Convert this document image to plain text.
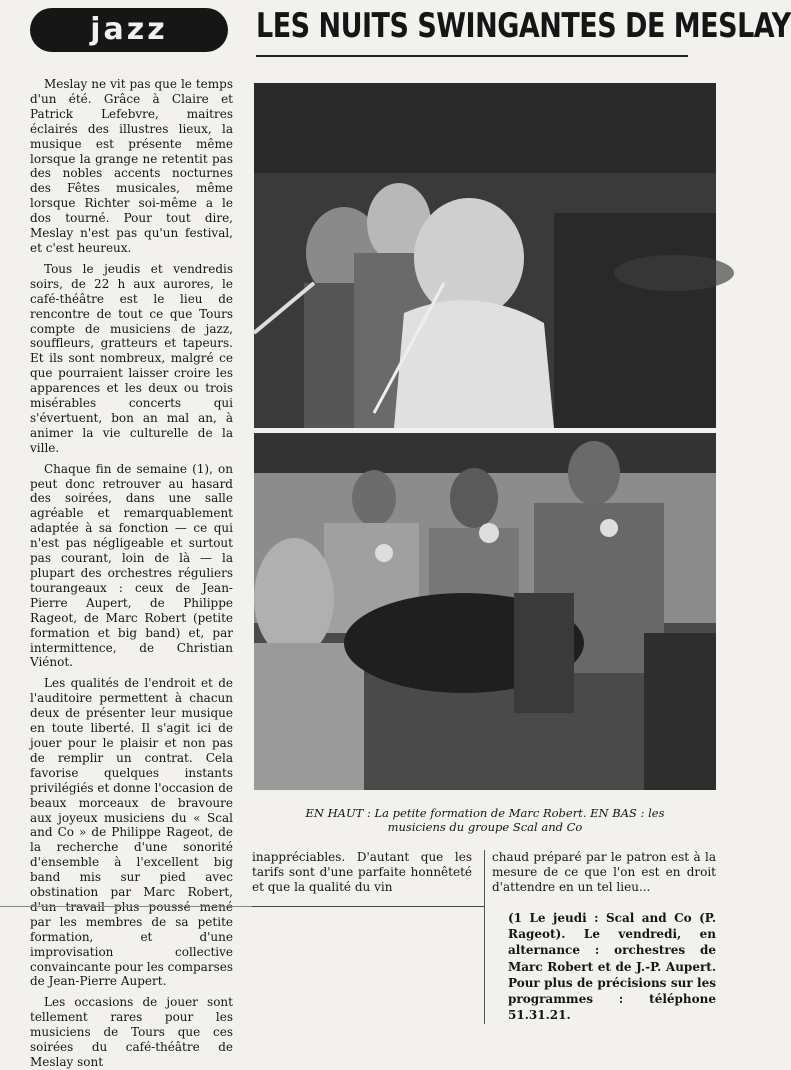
jazz	LES NUITS SWINGANTES DE MESLAY

Meslay ne vit pas que le temps d'un été. Grâce à Claire et Patrick Lefebvre, maitres éclairés des illustres lieux, la musique est présente même lorsque la grange ne retentit pas des nobles accents nocturnes des Fêtes musicales, même lorsque Richter soi-même a le dos tourné. Pour tout dire, Meslay n'est pas qu'un festival, et c'est heureux.

Tous le jeudis et vendredis soirs, de 22 h aux aurores, le café-théâtre est le lieu de rencontre de tout ce que Tours compte de musiciens de jazz, souffleurs, gratteurs et tapeurs. Et ils sont nombreux, malgré ce que pourraient laisser croire les apparences et les deux ou trois misérables concerts qui s'évertuent, bon an mal an, à animer la vie culturelle de la ville.

Chaque fin de semaine (1), on peut donc retrouver au hasard des soirées, dans une salle agréable et remarquablement adaptée à sa fonction — ce qui n'est pas négligeable et surtout pas courant, loin de là — la plupart des orchestres réguliers tourangeaux : ceux de Jean-Pierre Aupert, de Philippe Rageot, de Marc Robert (petite formation et big band) et, par intermittence, de Christian Viénot.

Les qualités de l'endroit et de l'auditoire permettent à chacun deux de présenter leur musique en toute liberté. Il s'agit ici de jouer pour le plaisir et non pas de remplir un contrat. Cela favorise quelques instants privilégiés et donne l'occasion de beaux morceaux de bravoure aux joyeux musiciens du « Scal and Co » de Philippe Rageot, de la recherche d'une sonorité d'ensemble à l'excellent big band mis sur pied avec obstination par Marc Robert, par les membres de sa petite formation, et d'une improvisation collective convaincante pour les comparses de Jean-Pierre Aupert.

Les occasions de jouer sont tellement rares pour les musiciens de Tours que ces soirées du café-théâtre de Meslay sont

EN HAUT : La petite formation de Marc Robert. EN BAS : les
musiciens du groupe Scal and Co
inappréciables. D'autant que les tarifs sont d'une parfaite honnêteté et que la qualité du vin
chaud préparé par le patron est à la mesure de ce que l'on est en droit d'attendre en un tel lieu...
(1 Le jeudi : Scal and Co (P. Rageot). Le vendredi, en alternance : orchestres de Marc Robert et de J.-P. Aupert. Pour plus de précisions sur les programmes : téléphone 51.31.21.
